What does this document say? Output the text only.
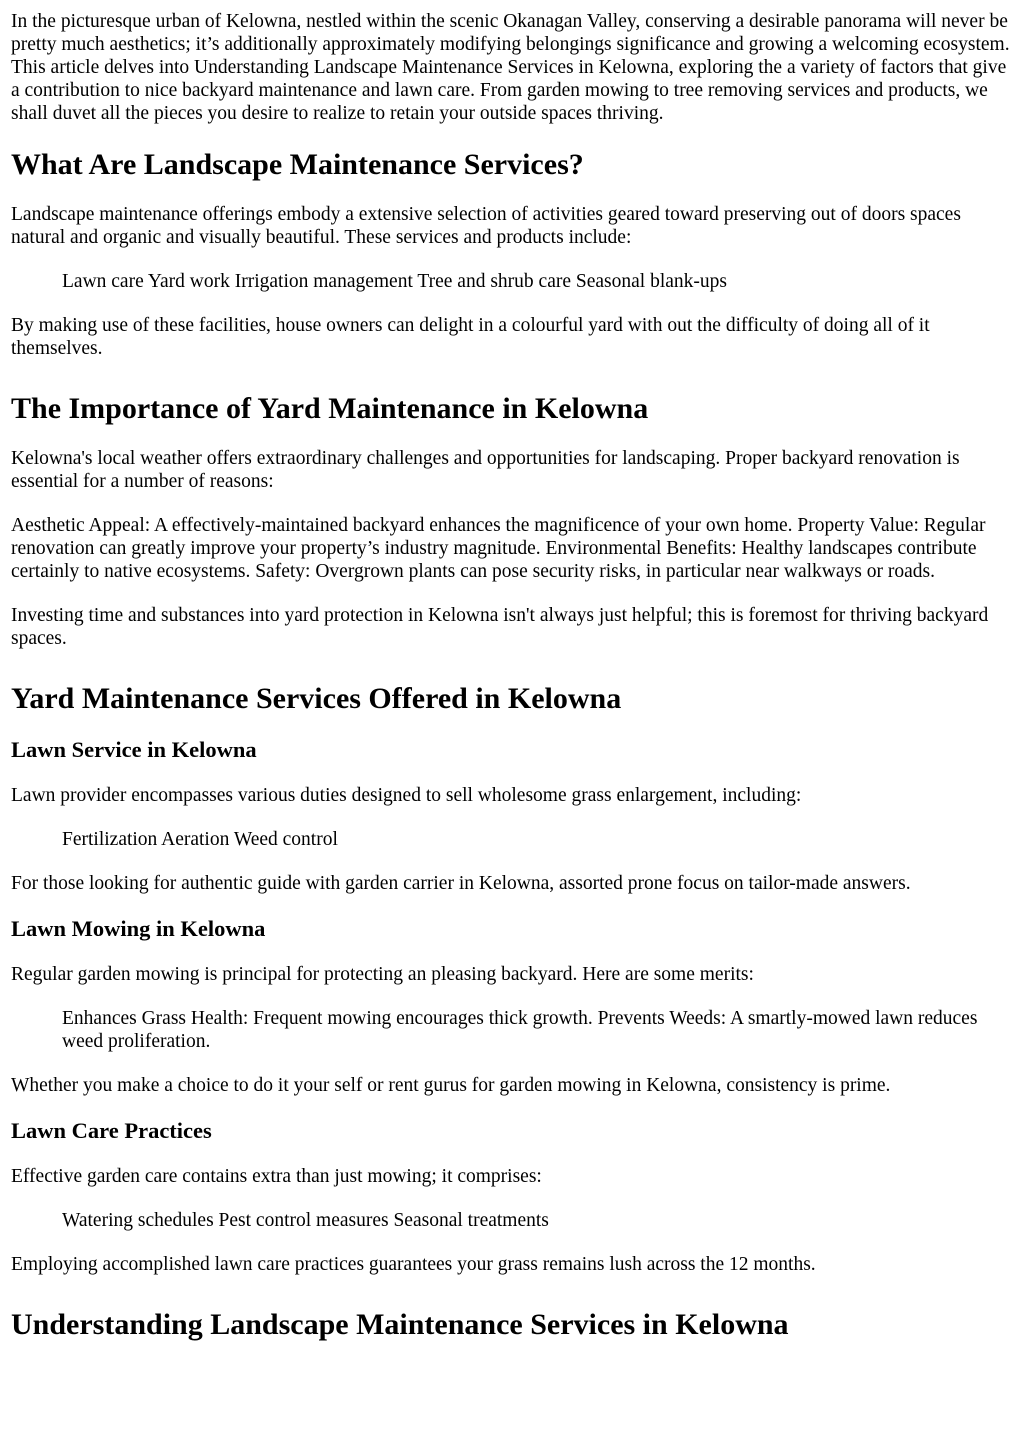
In the picturesque urban of Kelowna, nestled within the scenic Okanagan Valley, conserving a desirable panorama will never be pretty much aesthetics; it’s additionally approximately modifying belongings significance and growing a welcoming ecosystem. This article delves into Understanding Landscape Maintenance Services in Kelowna, exploring the a variety of factors that give a contribution to nice backyard maintenance and lawn care. From garden mowing to tree removing services and products, we shall duvet all the pieces you desire to realize to retain your outside spaces thriving.

What Are Landscape Maintenance Services?

Landscape maintenance offerings embody a extensive selection of activities geared toward preserving out of doors spaces natural and organic and visually beautiful. These services and products include:

Lawn care Yard work Irrigation management Tree and shrub care Seasonal blank-ups

By making use of these facilities, house owners can delight in a colourful yard with out the difficulty of doing all of it themselves.

The Importance of Yard Maintenance in Kelowna

Kelowna's local weather offers extraordinary challenges and opportunities for landscaping. Proper backyard renovation is essential for a number of reasons:

Aesthetic Appeal: A effectively-maintained backyard enhances the magnificence of your own home. Property Value: Regular renovation can greatly improve your property’s industry magnitude. Environmental Benefits: Healthy landscapes contribute certainly to native ecosystems. Safety: Overgrown plants can pose security risks, in particular near walkways or roads.

Investing time and substances into yard protection in Kelowna isn't always just helpful; this is foremost for thriving backyard spaces.

Yard Maintenance Services Offered in Kelowna
Lawn Service in Kelowna

Lawn provider encompasses various duties designed to sell wholesome grass enlargement, including:

Fertilization Aeration Weed control

For those looking for authentic guide with garden carrier in Kelowna, assorted prone focus on tailor-made answers.

Lawn Mowing in Kelowna

Regular garden mowing is principal for protecting an pleasing backyard. Here are some merits:

Enhances Grass Health: Frequent mowing encourages thick growth. Prevents Weeds: A smartly-mowed lawn reduces weed proliferation.

Whether you make a choice to do it your self or rent gurus for garden mowing in Kelowna, consistency is prime.

Lawn Care Practices

Effective garden care contains extra than just mowing; it comprises:

Watering schedules Pest control measures Seasonal treatments

Employing accomplished lawn care practices guarantees your grass remains lush across the 12 months.

Understanding Landscape Maintenance Services in Kelowna
